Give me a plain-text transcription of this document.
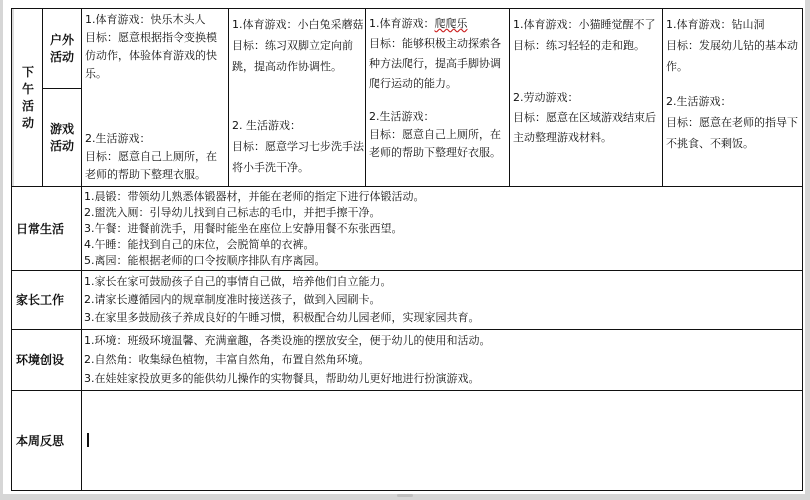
下午活动
户外活动
游戏活动
1.体育游戏：快乐木头人
目标：愿意根据指令变换模仿动作，体验体育游戏的快乐。
2.生活游戏：
目标：愿意自己上厕所，在老师的帮助下整理衣服。
1.体育游戏：小白兔采蘑菇
目标：练习双脚立定向前跳，提高动作协调性。
2. 生活游戏：
目标：愿意学习七步洗手法将小手洗干净。
1.体育游戏：爬爬乐
目标：能够积极主动探索各种方法爬行，提高手脚协调爬行运动的能力。
2.生活游戏：
目标：愿意自己上厕所，在老师的帮助下整理好衣服。
1.体育游戏：小猫睡觉醒不了
目标：练习轻轻的走和跑。
2.劳动游戏：
目标：愿意在区域游戏结束后主动整理游戏材料。
1.体育游戏：钻山洞
目标：发展幼儿钻的基本动作。
2.生活游戏：
目标：愿意在老师的指导下不挑食、不剩饭。
日常生活
1.晨锻：带领幼儿熟悉体锻器材，并能在老师的指定下进行体锻活动。
2.盥洗入厕：引导幼儿找到自己标志的毛巾，并把手擦干净。
3.午餐：进餐前洗手，用餐时能坐在座位上安静用餐不东张西望。
4.午睡：能找到自己的床位，会脱简单的衣裤。
5.离园：能根据老师的口令按顺序排队有序离园。
家长工作
1.家长在家可鼓励孩子自己的事情自己做，培养他们自立能力。
2.请家长遵循园内的规章制度准时接送孩子，做到入园刷卡。
3.在家里多鼓励孩子养成良好的午睡习惯，积极配合幼儿园老师，实现家园共育。
环境创设
1.环境：班级环境温馨、充满童趣，各类设施的摆放安全，便于幼儿的使用和活动。
2.自然角：收集绿色植物，丰富自然角，布置自然角环境。
3.在娃娃家投放更多的能供幼儿操作的实物餐具，帮助幼儿更好地进行扮演游戏。
本周反思
